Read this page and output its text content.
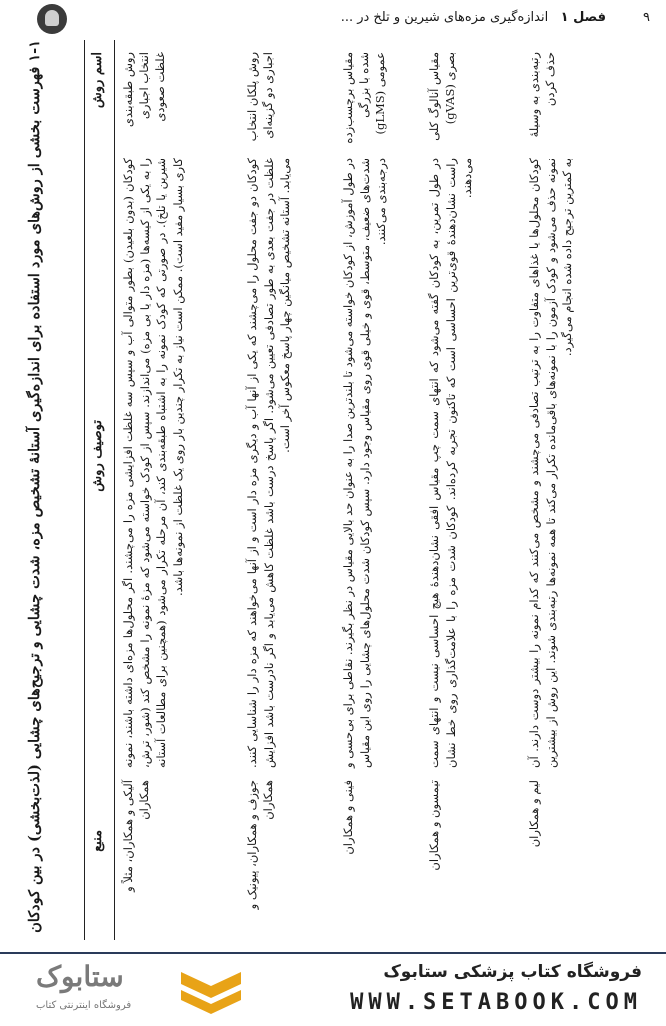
۹
فصل ۱   اندازه‌گیری مزه‌های شیرین و تلخ در ...
۱-۱ فهرست بخشی از روش‌های مورد استفاده برای اندازه‌گیری آستانهٔ تشخیص مزه، شدت چشایی و ترجیح‌های چشایی (لذت‌بخشی) در بین کودکان
اسم روش
توصیف روش
منبع
روش طبقه‌بندی انتخاب اجباری غلظت صعودی
کودکان (بدون بلعیدن) بطور متوالی آب و سپس سه غلظت افزایشی مزه را می‌چشند. اگر محلول‌ها مزه‌ای داشته باشند، نمونه را به یکی از کیسه‌ها (مزه دار یا بی مزه) می‌اندازند. سپس از کودک خواسته می‌شود که مزهٔ نمونه را مشخص کند (شور، ترش، شیرین یا تلخ). در صورتی که کودک نمونه را به اشتباه طبقه‌بندی کند، آن مرحله تکرار می‌شود (همچنین برای مطالعات آستانه کاری بسیار مفید است). ممکن است نیاز به تکرار چندین بار روی یک غلظت از نمونه‌ها باشد.
آلیکی و همکاران، مثلاً و همکاران
روش پلکان انتخاب اجباری دو گزینه‌ای
کودکان دو جفت محلول را می‌چشند که یکی از آنها آب و دیگری مزه دار است و از آنها می‌خواهند که مزه دار را شناسایی کنند. غلظت در جفت بعدی به طور تصادفی تعیین می‌شود. اگر پاسخ درست باشد غلظت کاهش می‌یابد و اگر نادرست باشد افزایش می‌یابد. آستانه تشخیص میانگین چهار پاسخ معکوس آخر است.
جوزف و همکاران، پیونیک و همکاران
مقیاس برچسب‌زده شده با بزرگی عمومی (gLMS)
در طول آموزش، از کودکان خواسته می‌شود تا بلندترین صدا را به عنوان حد بالایی مقیاس در نظر بگیرند. نقاطی برای بی‌حسی و شدت‌های ضعیف، متوسط، قوی و خیلی قوی روی مقیاس وجود دارد. سپس کودکان شدت محلول‌های چشایی را روی این مقیاس درجه‌بندی می‌کنند.
فینی و همکاران
مقیاس آنالوگ کلی بصری (gVAS)
در طول تمرین، به کودکان گفته می‌شود که انتهای سمت چپ مقیاس افقی نشان‌دهندهٔ هیچ احساسی نیست و انتهای سمت راست نشان‌دهندهٔ قوی‌ترین احساسی است که تاکنون تجربه کرده‌اند. کودکان شدت مزه را با علامت‌گذاری روی خط نشان می‌دهند.
تیمسون و همکاران
رتبه‌بندی به وسیلهٔ حذف کردن
کودکان محلول‌ها یا غذاهای متفاوت را به ترتیب تصادفی می‌چشند و مشخص می‌کنند که کدام نمونه را بیشتر دوست دارند. آن نمونه حذف می‌شود و کودک آزمون را با نمونه‌های باقی‌مانده تکرار می‌کند تا همه نمونه‌ها رتبه‌بندی شوند. این روش از بیشترین به کمترین ترجیح داده شده انجام می‌گیرد.
لیم و همکاران
فروشگاه کتاب پزشکی ستابوک
WWW.SETABOOK.COM
ستابوک
فروشگاه اینترنتی کتاب
